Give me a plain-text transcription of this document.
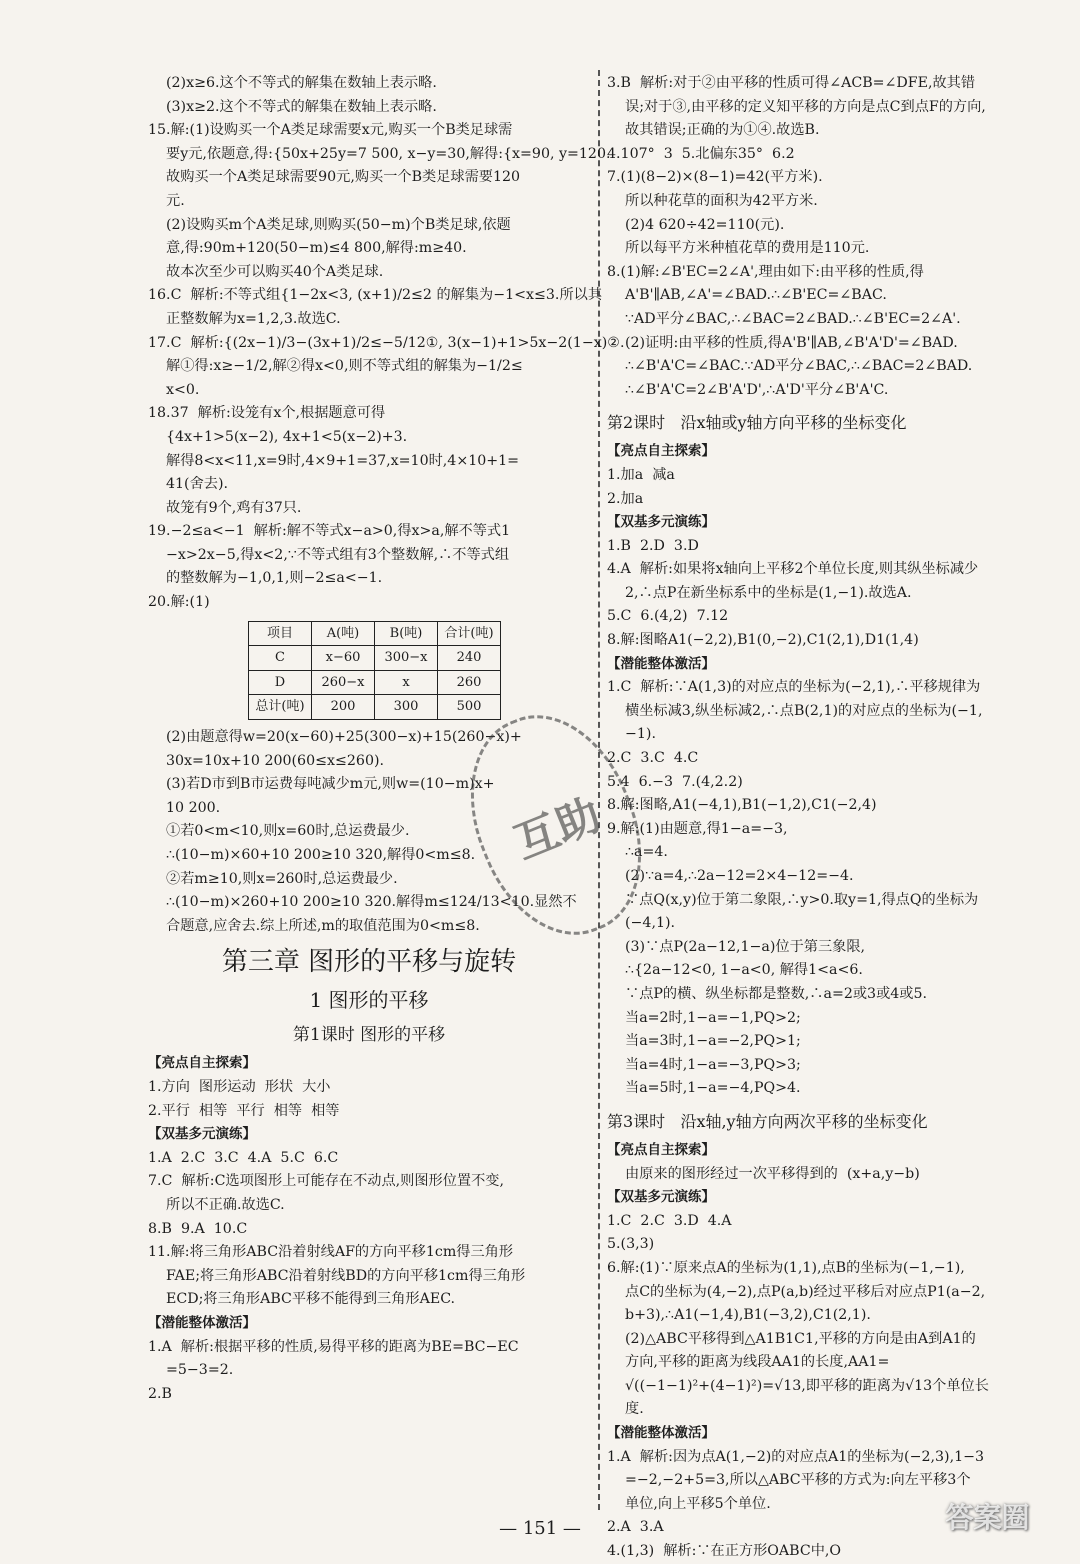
(2)x≥6.这个不等式的解集在数轴上表示略.
(3)x≥2.这个不等式的解集在数轴上表示略.
15.解:(1)设购买一个A类足球需要x元,购买一个B类足球需
要y元,依题意,得:{50x+25y=7 500, x−y=30,解得:{x=90, y=120.
故购买一个A类足球需要90元,购买一个B类足球需要120
元.
(2)设购买m个A类足球,则购买(50−m)个B类足球,依题
意,得:90m+120(50−m)≤4 800,解得:m≥40.
故本次至少可以购买40个A类足球.
16.C  解析:不等式组{1−2x<3, (x+1)/2≤2 的解集为−1<x≤3.所以其
正整数解为x=1,2,3.故选C.
17.C  解析:{(2x−1)/3−(3x+1)/2≤−5/12①, 3(x−1)+1>5x−2(1−x)②.
解①得:x≥−1/2,解②得x<0,则不等式组的解集为−1/2≤
x<0.
18.37  解析:设笼有x个,根据题意可得
{4x+1>5(x−2), 4x+1<5(x−2)+3.
解得8<x<11,x=9时,4×9+1=37,x=10时,4×10+1=
41(舍去).
故笼有9个,鸡有37只.
19.−2≤a<−1  解析:解不等式x−a>0,得x>a,解不等式1
−x>2x−5,得x<2,∵不等式组有3个整数解,∴不等式组
的整数解为−1,0,1,则−2≤a<−1.
20.解:(1)
项目	A(吨)	B(吨)	合计(吨)
C	x−60	300−x	240
D	260−x	x	260
总计(吨)	200	300	500
(2)由题意得w=20(x−60)+25(300−x)+15(260−x)+
30x=10x+10 200(60≤x≤260).
(3)若D市到B市运费每吨减少m元,则w=(10−m)x+
10 200.
①若0<m<10,则x=60时,总运费最少.
∴(10−m)×60+10 200≥10 320,解得0<m≤8.
②若m≥10,则x=260时,总运费最少.
∴(10−m)×260+10 200≥10 320.解得m≤124/13<10.显然不
合题意,应舍去.综上所述,m的取值范围为0<m≤8.
第三章 图形的平移与旋转
1 图形的平移
第1课时 图形的平移
【亮点自主探索】
1.方向  图形运动  形状  大小
2.平行  相等  平行  相等  相等
【双基多元演练】
1.A  2.C  3.C  4.A  5.C  6.C
7.C  解析:C选项图形上可能存在不动点,则图形位置不变,
所以不正确.故选C.
8.B  9.A  10.C
11.解:将三角形ABC沿着射线AF的方向平移1cm得三角形
FAE;将三角形ABC沿着射线BD的方向平移1cm得三角形
ECD;将三角形ABC平移不能得到三角形AEC.
【潜能整体激活】
1.A  解析:根据平移的性质,易得平移的距离为BE=BC−EC
=5−3=2.
2.B
3.B  解析:对于②由平移的性质可得∠ACB=∠DFE,故其错
误;对于③,由平移的定义知平移的方向是点C到点F的方向,
故其错误;正确的为①④.故选B.
4.107°  3  5.北偏东35°  6.2
7.(1)(8−2)×(8−1)=42(平方米).
所以种花草的面积为42平方米.
(2)4 620÷42=110(元).
所以每平方米种植花草的费用是110元.
8.(1)解:∠B'EC=2∠A',理由如下:由平移的性质,得
A'B'∥AB,∠A'=∠BAD.∴∠B'EC=∠BAC.
∵AD平分∠BAC,∴∠BAC=2∠BAD.∴∠B'EC=2∠A'.
(2)证明:由平移的性质,得A'B'∥AB,∠B'A'D'=∠BAD.
∴∠B'A'C=∠BAC.∵AD平分∠BAC,∴∠BAC=2∠BAD.
∴∠B'A'C=2∠B'A'D',∴A'D'平分∠B'A'C.
第2课时   沿x轴或y轴方向平移的坐标变化
【亮点自主探索】
1.加a  减a
2.加a
【双基多元演练】
1.B  2.D  3.D
4.A  解析:如果将x轴向上平移2个单位长度,则其纵坐标减少
2,∴点P在新坐标系中的坐标是(1,−1).故选A.
5.C  6.(4,2)  7.12
8.解:图略A1(−2,2),B1(0,−2),C1(2,1),D1(1,4)
【潜能整体激活】
1.C  解析:∵A(1,3)的对应点的坐标为(−2,1),∴平移规律为
横坐标减3,纵坐标减2,∴点B(2,1)的对应点的坐标为(−1,
−1).
2.C  3.C  4.C
5.4  6.−3  7.(4,2.2)
8.解:图略,A1(−4,1),B1(−1,2),C1(−2,4)
9.解:(1)由题意,得1−a=−3,
∴a=4.
(2)∵a=4,∴2a−12=2×4−12=−4.
∵点Q(x,y)位于第二象限,∴y>0.取y=1,得点Q的坐标为
(−4,1).
(3)∵点P(2a−12,1−a)位于第三象限,
∴{2a−12<0, 1−a<0, 解得1<a<6.
∵点P的横、纵坐标都是整数,∴a=2或3或4或5.
当a=2时,1−a=−1,PQ>2;
当a=3时,1−a=−2,PQ>1;
当a=4时,1−a=−3,PQ>3;
当a=5时,1−a=−4,PQ>4.
第3课时   沿x轴,y轴方向两次平移的坐标变化
【亮点自主探索】
由原来的图形经过一次平移得到的  (x+a,y−b)
【双基多元演练】
1.C  2.C  3.D  4.A
5.(3,3)
6.解:(1)∵原来点A的坐标为(1,1),点B的坐标为(−1,−1),
点C的坐标为(4,−2),点P(a,b)经过平移后对应点P1(a−2,
b+3),∴A1(−1,4),B1(−3,2),C1(2,1).
(2)△ABC平移得到△A1B1C1,平移的方向是由A到A1的
方向,平移的距离为线段AA1的长度,AA1=
√((−1−1)²+(4−1)²)=√13,即平移的距离为√13个单位长
度.
【潜能整体激活】
1.A  解析:因为点A(1,−2)的对应点A1的坐标为(−2,3),1−3
=−2,−2+5=3,所以△ABC平移的方式为:向左平移3个
单位,向上平移5个单位.
2.A  3.A
4.(1,3)  解析:∵在正方形OABC中,O
互助
答案圈
— 151 —
